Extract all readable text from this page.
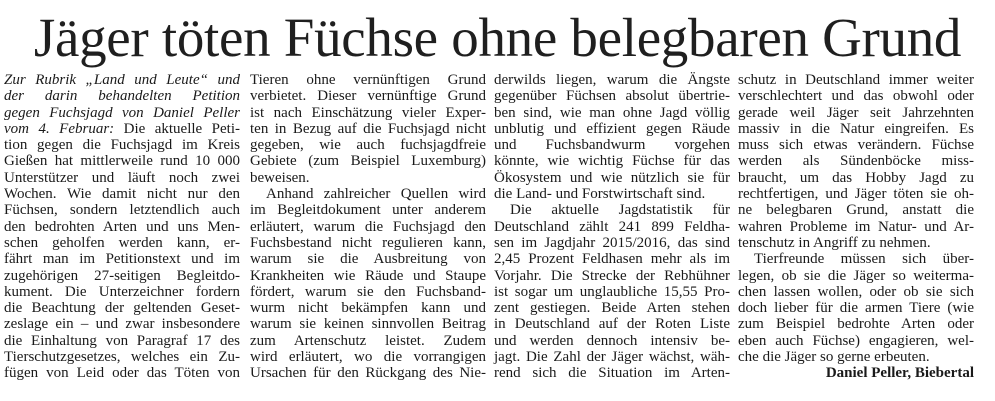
Jäger töten Füchse ohne belegbaren Grund
Zur Rubrik „Land und Leute“ und
der darin behandelten Petition
gegen Fuchsjagd von Daniel Peller
vom 4. Februar: Die aktuelle Peti-
tion gegen die Fuchsjagd im Kreis
Gießen hat mittlerweile rund 10 000
Unterstützer und läuft noch zwei
Wochen. Wie damit nicht nur den
Füchsen, sondern letztendlich auch
den bedrohten Arten und uns Men-
schen geholfen werden kann, er-
fährt man im Petitionstext und im
zugehörigen 27-seitigen Begleitdo-
kument. Die Unterzeichner fordern
die Beachtung der geltenden Geset-
zeslage ein – und zwar insbesondere
die Einhaltung von Paragraf 17 des
Tierschutzgesetzes, welches ein Zu-
fügen von Leid oder das Töten von
Tieren ohne vernünftigen Grund
verbietet. Dieser vernünftige Grund
ist nach Einschätzung vieler Exper-
ten in Bezug auf die Fuchsjagd nicht
gegeben, wie auch fuchsjagdfreie
Gebiete (zum Beispiel Luxemburg)
beweisen.
Anhand zahlreicher Quellen wird
im Begleitdokument unter anderem
erläutert, warum die Fuchsjagd den
Fuchsbestand nicht regulieren kann,
warum sie die Ausbreitung von
Krankheiten wie Räude und Staupe
fördert, warum sie den Fuchsband-
wurm nicht bekämpfen kann und
warum sie keinen sinnvollen Beitrag
zum Artenschutz leistet. Zudem
wird erläutert, wo die vorrangigen
Ursachen für den Rückgang des Nie-
derwilds liegen, warum die Ängste
gegenüber Füchsen absolut übertrie-
ben sind, wie man ohne Jagd völlig
unblutig und effizient gegen Räude
und Fuchsbandwurm vorgehen
könnte, wie wichtig Füchse für das
Ökosystem und wie nützlich sie für
die Land- und Forstwirtschaft sind.
Die aktuelle Jagdstatistik für
Deutschland zählt 241 899 Feldha-
sen im Jagdjahr 2015/2016, das sind
2,45 Prozent Feldhasen mehr als im
Vorjahr. Die Strecke der Rebhühner
ist sogar um unglaubliche 15,55 Pro-
zent gestiegen. Beide Arten stehen
in Deutschland auf der Roten Liste
und werden dennoch intensiv be-
jagt. Die Zahl der Jäger wächst, wäh-
rend sich die Situation im Arten-
schutz in Deutschland immer weiter
verschlechtert und das obwohl oder
gerade weil Jäger seit Jahrzehnten
massiv in die Natur eingreifen. Es
muss sich etwas verändern. Füchse
werden als Sündenböcke miss-
braucht, um das Hobby Jagd zu
rechtfertigen, und Jäger töten sie oh-
ne belegbaren Grund, anstatt die
wahren Probleme im Natur- und Ar-
tenschutz in Angriff zu nehmen.
Tierfreunde müssen sich über-
legen, ob sie die Jäger so weiterma-
chen lassen wollen, oder ob sie sich
doch lieber für die armen Tiere (wie
zum Beispiel bedrohte Arten oder
eben auch Füchse) engagieren, wel-
che die Jäger so gerne erbeuten.
Daniel Peller, Biebertal
